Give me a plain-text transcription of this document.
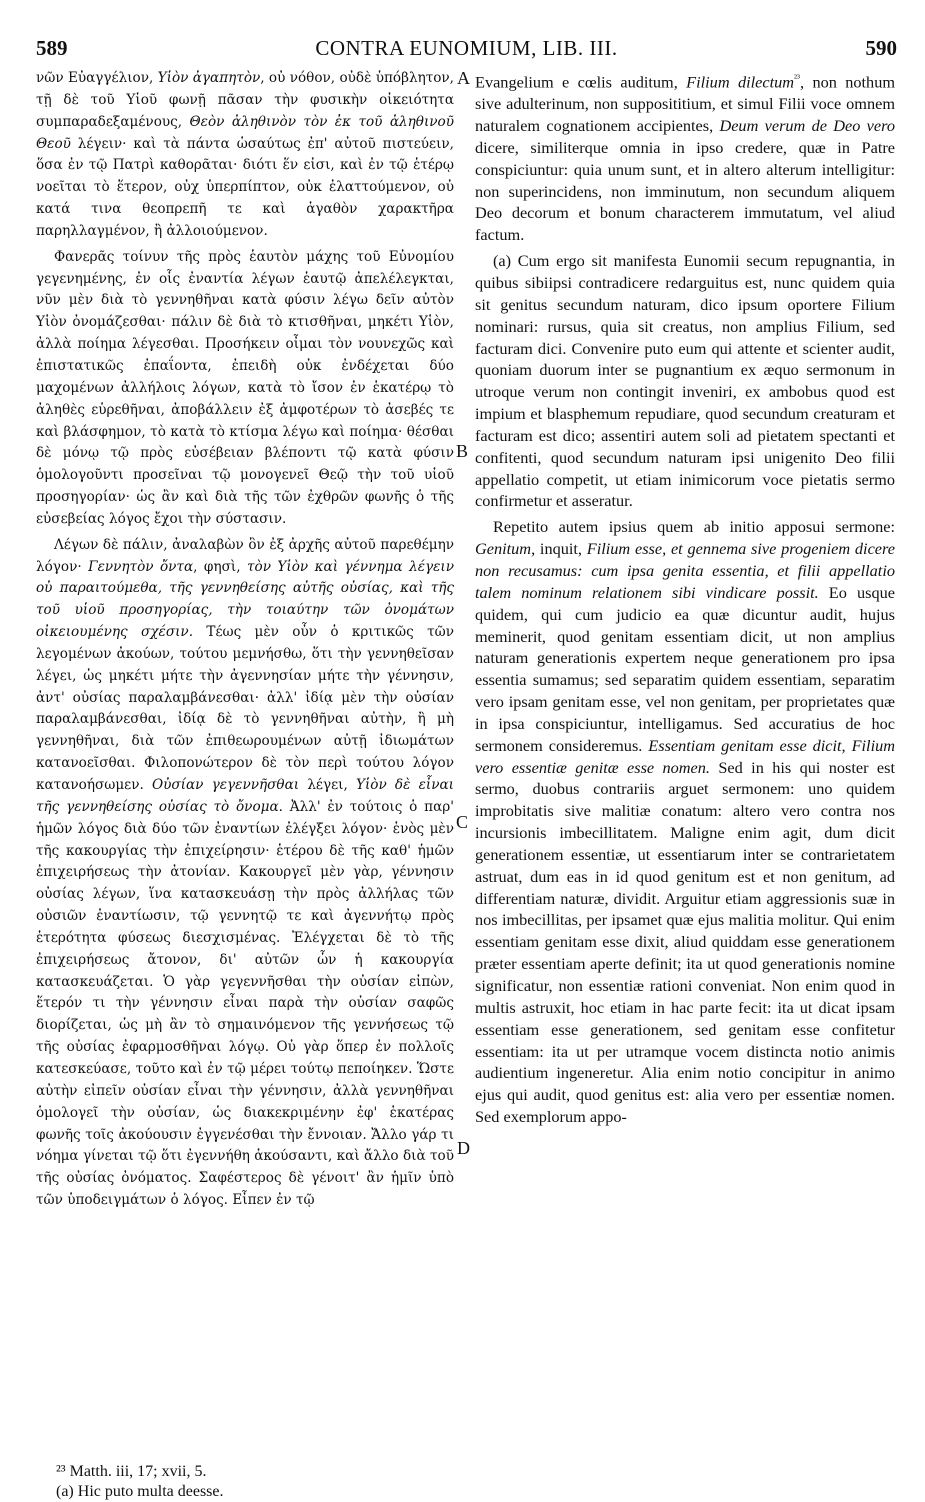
589	CONTRA EUNOMIUM, LIB. III.	590

νῶν Εὐαγγέλιον, Υἱὸν ἀγαπητὸν, οὐ νόθον, οὐδὲ ὑπόβλητον, τῇ δὲ τοῦ Υἱοῦ φωνῇ πᾶσαν τὴν φυσικὴν οἰκειότητα συμπαραδεξαμένους, Θεὸν ἀληθινὸν τὸν ἐκ τοῦ ἀληθινοῦ Θεοῦ λέγειν· καὶ τὰ πάντα ὡσαύτως ἐπ' αὐτοῦ πιστεύειν, ὅσα ἐν τῷ Πατρὶ καθορᾶται· διότι ἕν εἰσι, καὶ ἐν τῷ ἑτέρῳ νοεῖται τὸ ἕτερον, οὐχ ὑπερπίπτον, οὐκ ἐλαττούμενον, οὐ κατά τινα θεοπρεπῆ τε καὶ ἀγαθὸν χαρακτῆρα παρηλλαγμένον, ἢ ἀλλοιούμενον.

Φανερᾶς τοίνυν τῆς πρὸς ἑαυτὸν μάχης τοῦ Εὐνομίου γεγενημένης, ἐν οἷς ἐναντία λέγων ἑαυτῷ ἀπελέλεγκται, νῦν μὲν διὰ τὸ γεννηθῆναι κατὰ φύσιν λέγω δεῖν αὐτὸν Υἱὸν ὀνομάζεσθαι· πάλιν δὲ διὰ τὸ κτισθῆναι, μηκέτι Υἱὸν, ἀλλὰ ποίημα λέγεσθαι. Προσήκειν οἶμαι τὸν νουνεχῶς καὶ ἐπιστατικῶς ἐπαΐοντα, ἐπειδὴ οὐκ ἐνδέχεται δύο μαχομένων ἀλλήλοις λόγων, κατὰ τὸ ἴσον ἐν ἑκατέρῳ τὸ ἀληθὲς εὑρεθῆναι, ἀποβάλλειν ἐξ ἀμφοτέρων τὸ ἀσεβές τε καὶ βλάσφημον, τὸ κατὰ τὸ κτίσμα λέγω καὶ ποίημα· θέσθαι δὲ μόνῳ τῷ πρὸς εὐσέβειαν βλέποντι τῷ κατὰ φύσιν ὁμολογοῦντι προσεῖναι τῷ μονογενεῖ Θεῷ τὴν τοῦ υἱοῦ προσηγορίαν· ὡς ἂν καὶ διὰ τῆς τῶν ἐχθρῶν φωνῆς ὁ τῆς εὐσεβείας λόγος ἔχοι τὴν σύστασιν.

Λέγων δὲ πάλιν, ἀναλαβὼν ὃν ἐξ ἀρχῆς αὐτοῦ παρεθέμην λόγον· Γεννητὸν ὄντα, φησὶ, τὸν Υἱὸν καὶ γέννημα λέγειν οὐ παραιτούμεθα, τῆς γεννηθείσης αὐτῆς οὐσίας, καὶ τῆς τοῦ υἱοῦ προσηγορίας, τὴν τοιαύτην τῶν ὀνομάτων οἰκειουμένης σχέσιν. Τέως μὲν οὖν ὁ κριτικῶς τῶν λεγομένων ἀκούων, τούτου μεμνήσθω, ὅτι τὴν γεννηθεῖσαν λέγει, ὡς μηκέτι μήτε τὴν ἀγεννησίαν μήτε τὴν γέννησιν, ἀντ' οὐσίας παραλαμβάνεσθαι· ἀλλ' ἰδίᾳ μὲν τὴν οὐσίαν παραλαμβάνεσθαι, ἰδίᾳ δὲ τὸ γεννηθῆναι αὐτὴν, ἢ μὴ γεννηθῆναι, διὰ τῶν ἐπιθεωρουμένων αὐτῇ ἰδιωμάτων κατανοεῖσθαι. Φιλοπονώτερον δὲ τὸν περὶ τούτου λόγον κατανοήσωμεν. Οὐσίαν γεγεννῆσθαι λέγει, Υἱὸν δὲ εἶναι τῆς γεννηθείσης οὐσίας τὸ ὄνομα. Ἀλλ' ἐν τούτοις ὁ παρ' ἡμῶν λόγος διὰ δύο τῶν ἐναντίων ἐλέγξει λόγον· ἑνὸς μὲν τῆς κακουργίας τὴν ἐπιχείρησιν· ἑτέρου δὲ τῆς καθ' ἡμῶν ἐπιχειρήσεως τὴν ἀτονίαν. Κακουργεῖ μὲν γὰρ, γέννησιν οὐσίας λέγων, ἵνα κατασκευάσῃ τὴν πρὸς ἀλλήλας τῶν οὐσιῶν ἐναντίωσιν, τῷ γεννητῷ τε καὶ ἀγεννήτῳ πρὸς ἑτερότητα φύσεως διεσχισμένας. Ἐλέγχεται δὲ τὸ τῆς ἐπιχειρήσεως ἄτονον, δι' αὐτῶν ὧν ἡ κακουργία κατασκευάζεται. Ὁ γὰρ γεγεννῆσθαι τὴν οὐσίαν εἰπὼν, ἕτερόν τι τὴν γέννησιν εἶναι παρὰ τὴν οὐσίαν σαφῶς διορίζεται, ὡς μὴ ἂν τὸ σημαινόμενον τῆς γεννήσεως τῷ τῆς οὐσίας ἐφαρμοσθῆναι λόγῳ. Οὐ γὰρ ὅπερ ἐν πολλοῖς κατεσκεύασε, τοῦτο καὶ ἐν τῷ μέρει τούτῳ πεποίηκεν. Ὥστε αὐτὴν εἰπεῖν οὐσίαν εἶναι τὴν γέννησιν, ἀλλὰ γεννηθῆναι ὁμολογεῖ τὴν οὐσίαν, ὡς διακεκριμένην ἐφ' ἑκατέρας φωνῆς τοῖς ἀκούουσιν ἐγγενέσθαι τὴν ἔννοιαν. Ἄλλο γάρ τι νόημα γίνεται τῷ ὅτι ἐγεννήθη ἀκούσαντι, καὶ ἄλλο διὰ τοῦ τῆς οὐσίας ὀνόματος. Σαφέστερος δὲ γένοιτ' ἂν ἡμῖν ὑπὸ τῶν ὑποδειγμάτων ὁ λόγος. Εἶπεν ἐν τῷ

A
B
C
D

Evangelium e cœlis auditum, Filium dilectum$^{^{23}}$, non nothum sive adulterinum, non supposititium, et simul Filii voce omnem naturalem cognationem accipientes, Deum verum de Deo vero dicere, similiterque omnia in ipso credere, quæ in Patre conspiciuntur: quia unum sunt, et in altero alterum intelligitur: non superincidens, non imminutum, non secundum aliquem Deo decorum et bonum characterem immutatum, vel aliud factum.

(a) Cum ergo sit manifesta Eunomii secum repugnantia, in quibus sibiipsi contradicere redarguitus est, nunc quidem quia sit genitus secundum naturam, dico ipsum oportere Filium nominari: rursus, quia sit creatus, non amplius Filium, sed facturam dici. Convenire puto eum qui attente et scienter audit, quoniam duorum inter se pugnantium ex æquo sermonum in utroque verum non contingit inveniri, ex ambobus quod est impium et blasphemum repudiare, quod secundum creaturam et facturam est dico; assentiri autem soli ad pietatem spectanti et confitenti, quod secundum naturam ipsi unigenito Deo filii appellatio competit, ut etiam inimicorum voce pietatis sermo confirmetur et asseratur.

Repetito autem ipsius quem ab initio apposui sermone: Genitum, inquit, Filium esse, et gennema sive progeniem dicere non recusamus: cum ipsa genita essentia, et filii appellatio talem nominum relationem sibi vindicare possit. Eo usque quidem, qui cum judicio ea quæ dicuntur audit, hujus meminerit, quod genitam essentiam dicit, ut non amplius naturam generationis expertem neque generationem pro ipsa essentia sumamus; sed separatim quidem essentiam, separatim vero ipsam genitam esse, vel non genitam, per proprietates quæ in ipsa conspiciuntur, intelligamus. Sed accuratius de hoc sermonem consideremus. Essentiam genitam esse dicit, Filium vero essentiæ genitæ esse nomen. Sed in his qui noster est sermo, duobus contrariis arguet sermonem: uno quidem improbitatis sive malitiæ conatum: altero vero contra nos incursionis imbecillitatem. Maligne enim agit, dum dicit generationem essentiæ, ut essentiarum inter se contrarietatem astruat, dum eas in id quod genitum est et non genitum, ad differentiam naturæ, dividit. Arguitur etiam aggressionis suæ in nos imbecillitas, per ipsamet quæ ejus malitia molitur. Qui enim essentiam genitam esse dixit, aliud quiddam esse generationem præter essentiam aperte definit; ita ut quod generationis nomine significatur, non essentiæ rationi conveniat. Non enim quod in multis astruxit, hoc etiam in hac parte fecit: ita ut dicat ipsam essentiam esse generationem, sed genitam esse confitetur essentiam: ita ut per utramque vocem distincta notio animis audientium ingeneretur. Alia enim notio concipitur in animo ejus qui audit, quod genitus est: alia vero per essentiæ nomen. Sed exemplorum appo-

²³ Matth. iii, 17; xvii, 5.
(a) Hic puto multa deesse.
